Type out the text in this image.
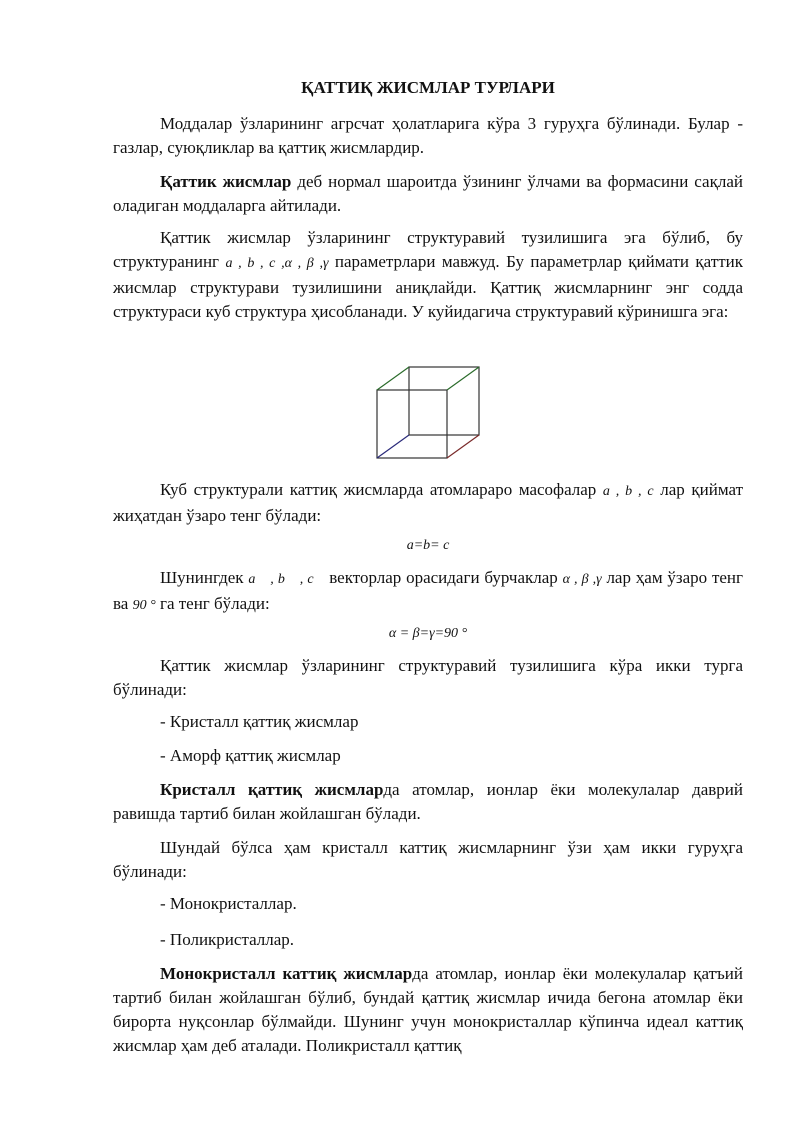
ҚАТТИҚ ЖИСМЛАР ТУРЛАРИ
Моддалар ўзларининг агрсчат ҳолатларига кўра 3 гуруҳга бўлинади. Булар - газлар, суюқликлар ва қаттиқ жисмлардир.
Қаттик жисмлар деб нормал шароитда ўзининг ўлчами ва формасини сақлай оладиган моддаларга айтилади.
Қаттик жисмлар ўзларининг структуравий тузилишига эга бўлиб, бу структуранинг a , b , c ,α , β ,γ параметрлари мавжуд. Бу параметрлар қиймати қаттик жисмлар структурави тузилишини аниқлайди. Қаттиқ жисмларнинг энг содда структураси куб структура ҳисобланади. У куйидагича структуравий кўринишга эга:
Куб структурали каттиқ жисмларда атомлараро масофалар a , b , c лар қиймат жиҳатдан ўзаро тенг бўлади:
a=b= c
Шунингдек a⃗ , b⃗ , c⃗ векторлар орасидаги бурчаклар α , β ,γ лар ҳам ўзаро тенг ва 90 ° га тенг бўлади:
α = β=γ=90 °
Қаттик жисмлар ўзларининг структуравий тузилишига кўра икки турга бўлинади:
- Кристалл қаттиқ жисмлар
- Аморф қаттиқ жисмлар
Кристалл қаттиқ жисмларда атомлар, ионлар ёки молекулалар даврий равишда тартиб билан жойлашган бўлади.
Шундай бўлса ҳам кристалл каттиқ жисмларнинг ўзи ҳам икки гуруҳга бўлинади:
- Монокристаллар.
- Поликристаллар.
Монокристалл каттиқ жисмларда атомлар, ионлар ёки молекулалар қатъий тартиб билан жойлашган бўлиб, бундай қаттиқ жисмлар ичида бегона атомлар ёки бирорта нуқсонлар бўлмайди. Шунинг учун монокристаллар кўпинча идеал каттиқ жисмлар ҳам деб аталади. Поликристалл қаттиқ
